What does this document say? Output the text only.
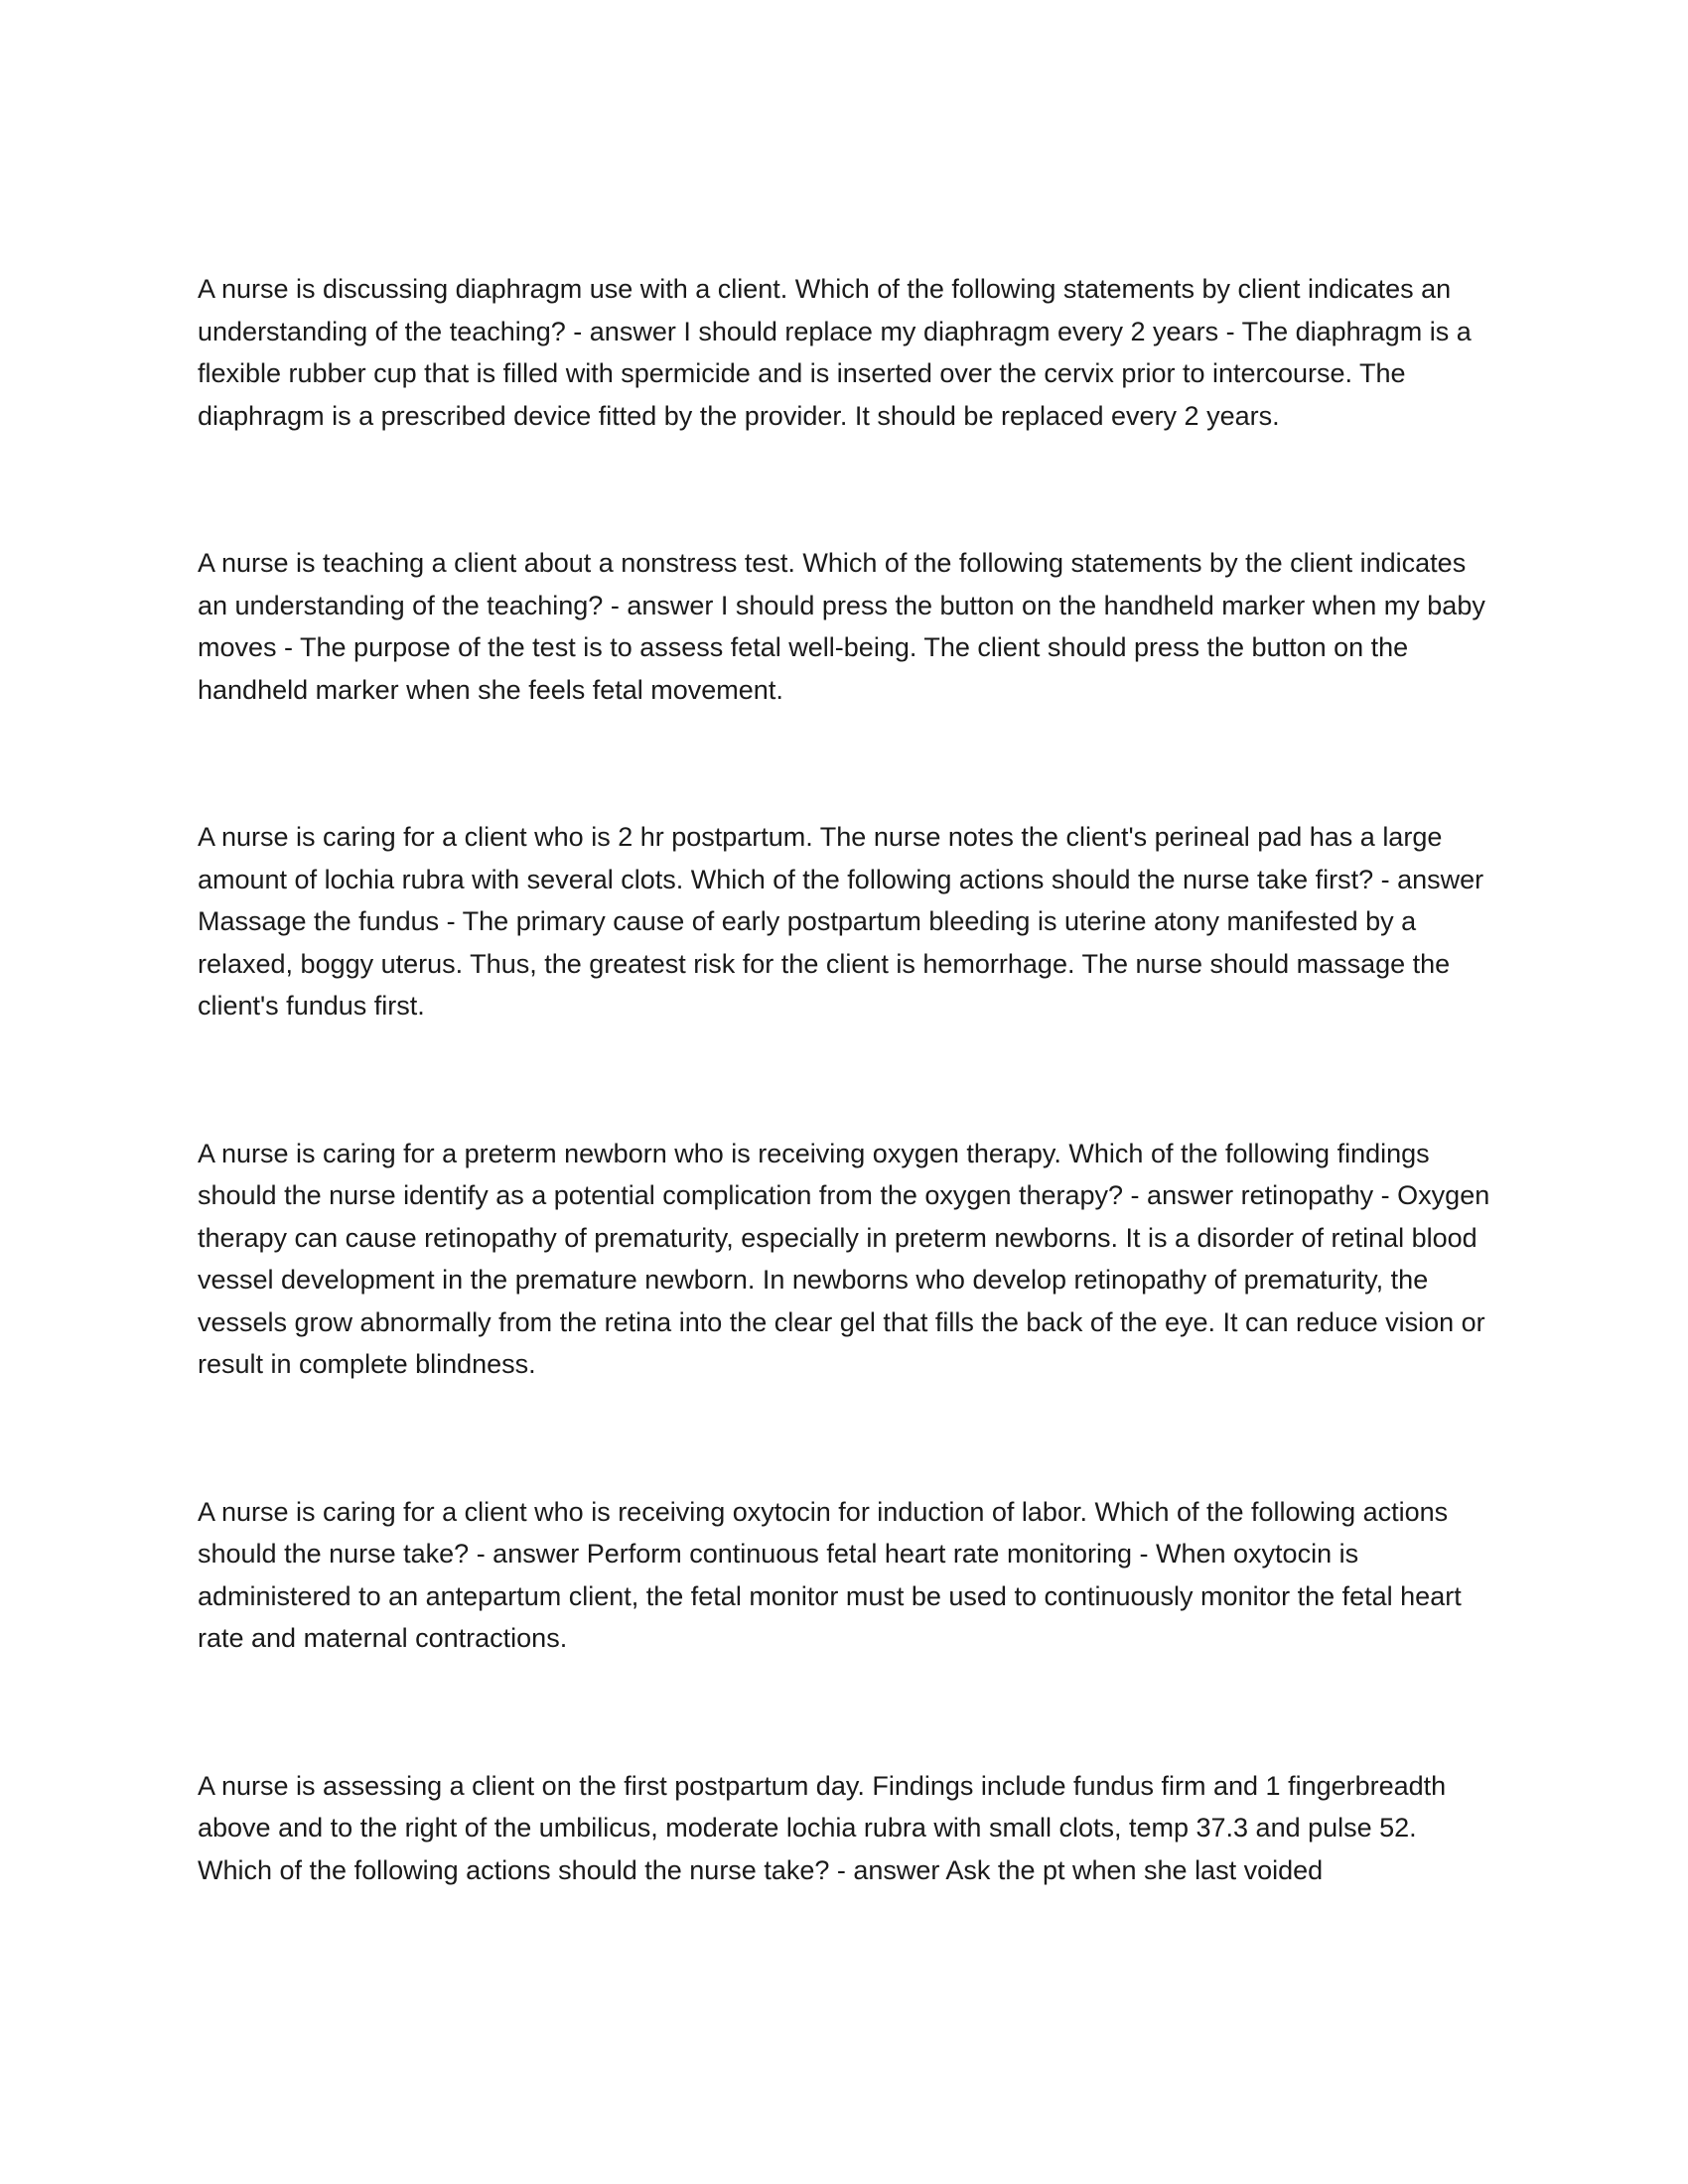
A nurse is discussing diaphragm use with a client. Which of the following statements by client indicates an understanding of the teaching? - answer I should replace my diaphragm every 2 years - The diaphragm is a flexible rubber cup that is filled with spermicide and is inserted over the cervix prior to intercourse. The diaphragm is a prescribed device fitted by the provider. It should be replaced every 2 years.

A nurse is teaching a client about a nonstress test. Which of the following statements by the client indicates an understanding of the teaching? - answer I should press the button on the handheld marker when my baby moves - The purpose of the test is to assess fetal well-being. The client should press the button on the handheld marker when she feels fetal movement.

A nurse is caring for a client who is 2 hr postpartum. The nurse notes the client's perineal pad has a large amount of lochia rubra with several clots. Which of the following actions should the nurse take first? - answer Massage the fundus - The primary cause of early postpartum bleeding is uterine atony manifested by a relaxed, boggy uterus. Thus, the greatest risk for the client is hemorrhage. The nurse should massage the client's fundus first.

A nurse is caring for a preterm newborn who is receiving oxygen therapy. Which of the following findings should the nurse identify as a potential complication from the oxygen therapy? - answer retinopathy - Oxygen therapy can cause retinopathy of prematurity, especially in preterm newborns. It is a disorder of retinal blood vessel development in the premature newborn. In newborns who develop retinopathy of prematurity, the vessels grow abnormally from the retina into the clear gel that fills the back of the eye. It can reduce vision or result in complete blindness.

A nurse is caring for a client who is receiving oxytocin for induction of labor. Which of the following actions should the nurse take? - answer Perform continuous fetal heart rate monitoring - When oxytocin is administered to an antepartum client, the fetal monitor must be used to continuously monitor the fetal heart rate and maternal contractions.

A nurse is assessing a client on the first postpartum day. Findings include fundus firm and 1 fingerbreadth above and to the right of the umbilicus, moderate lochia rubra with small clots, temp 37.3 and pulse 52. Which of the following actions should the nurse take? - answer Ask the pt when she last voided
